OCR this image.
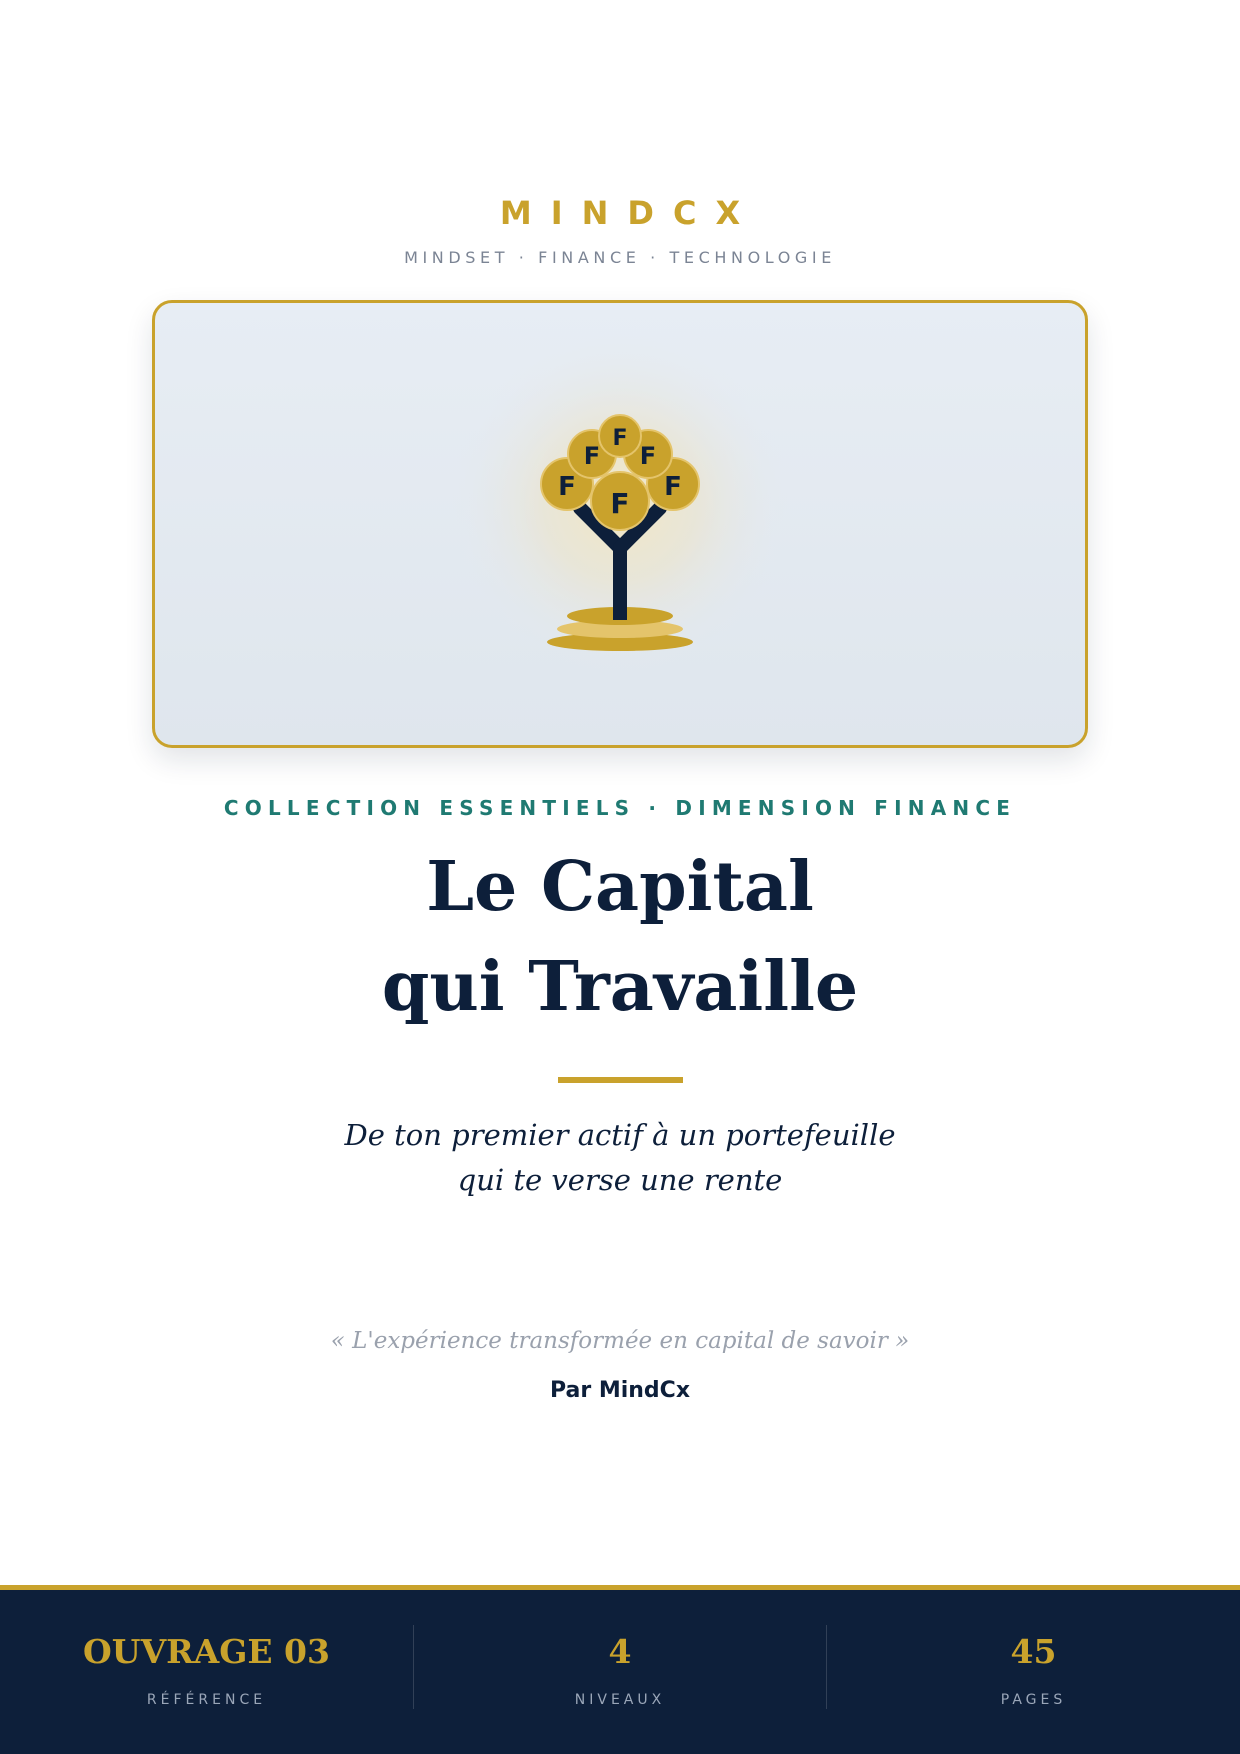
MINDCX
MINDSET · FINANCE · TECHNOLOGIE
F	F
F F
F
F
COLLECTION ESSENTIELS · DIMENSION FINANCE
Le Capital
qui Travaille
De ton premier actif à un portefeuille
qui te verse une rente
« L'expérience transformée en capital de savoir »
Par MindCx
OUVRAGE 03
RÉFÉRENCE
4
NIVEAUX
45
PAGES
